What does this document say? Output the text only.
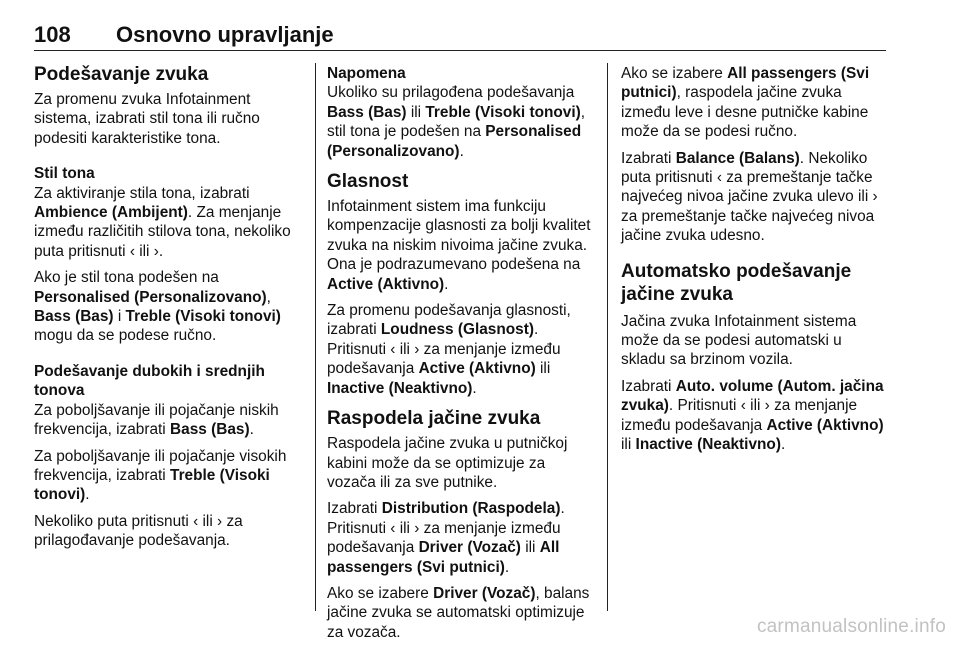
108 Osnovno upravljanje
Podešavanje zvuka

Za promenu zvuka Infotainment sistema, izabrati stil tona ili ručno podesiti karakteristike tona.

Stil tona

Za aktiviranje stila tona, izabrati Ambience (Ambijent). Za menjanje između različitih stilova tona, nekoliko puta pritisnuti ‹ ili ›.

Ako je stil tona podešen na Personalised (Personalizovano), Bass (Bas) i Treble (Visoki tonovi) mogu da se podese ručno.

Podešavanje dubokih i srednjih tonova

Za poboljšavanje ili pojačanje niskih frekvencija, izabrati Bass (Bas).

Za poboljšavanje ili pojačanje visokih frekvencija, izabrati Treble (Visoki tonovi).

Nekoliko puta pritisnuti ‹ ili › za prilagođavanje podešavanja.

Napomena

Ukoliko su prilagođena podešavanja Bass (Bas) ili Treble (Visoki tonovi), stil tona je podešen na Personalised (Personalizovano).

Glasnost

Infotainment sistem ima funkciju kompenzacije glasnosti za bolji kvalitet zvuka na niskim nivoima jačine zvuka. Ona je podrazumevano podešena na Active (Aktivno).

Za promenu podešavanja glasnosti, izabrati Loudness (Glasnost). Pritisnuti ‹ ili › za menjanje između podešavanja Active (Aktivno) ili Inactive (Neaktivno).

Raspodela jačine zvuka

Raspodela jačine zvuka u putničkoj kabini može da se optimizuje za vozača ili za sve putnike.

Izabrati Distribution (Raspodela). Pritisnuti ‹ ili › za menjanje između podešavanja Driver (Vozač) ili All passengers (Svi putnici).

Ako se izabere Driver (Vozač), balans jačine zvuka se automatski optimizuje za vozača.

Ako se izabere All passengers (Svi putnici), raspodela jačine zvuka između leve i desne putničke kabine može da se podesi ručno.

Izabrati Balance (Balans). Nekoliko puta pritisnuti ‹ za premeštanje tačke najvećeg nivoa jačine zvuka ulevo ili › za premeštanje tačke najvećeg nivoa jačine zvuka udesno.

Automatsko podešavanje jačine zvuka

Jačina zvuka Infotainment sistema može da se podesi automatski u skladu sa brzinom vozila.

Izabrati Auto. volume (Autom. jačina zvuka). Pritisnuti ‹ ili › za menjanje između podešavanja Active (Aktivno) ili Inactive (Neaktivno).

carmanualsonline.info
